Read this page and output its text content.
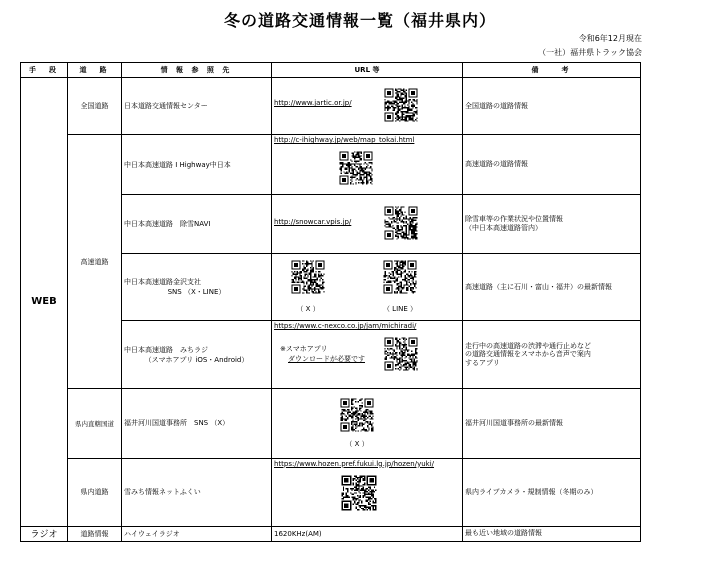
冬の道路交通情報一覧（福井県内）
令和6年12月現在
（一社）福井県トラック協会
手　段	道　路	情 報 参 照 先	URL 等	備　　考
WEB	全国道路	日本道路交通情報センター	http://www.jartic.or.jp/	全国道路の道路情報
	高速道路	中日本高速道路 I Highway中日本	http://c-ihighway.jp/web/map_tokai.html	高速道路の道路情報
		中日本高速道路　除雪NAVI	http://snowcar.vpis.jp/	除雪車等の作業状況や位置情報
（中日本高速道路管内）

		中日本高速道路金沢支社
SNS （X・LINE）	（ X ） （ LINE ）	高速道路（主に石川・富山・福井）の最新情報

		中日本高速道路　みちラジ
（スマホアプリ iOS・Android）	https://www.c-nexco.co.jp/jam/michiradi/
※スマホアプリ
ダウンロードが必要です	走行中の高速道路の渋滞や通行止めなど
の道路交通情報をスマホから音声で案内
するアプリ

	県内直轄国道	福井河川国道事務所　SNS （X）	（ X ）	福井河川国道事務所の最新情報
	県内道路	雪みち情報ネットふくい	https://www.hozen.pref.fukui.lg.jp/hozen/yuki/	県内ライブカメラ・規制情報（冬期のみ）
ラジオ	道路情報	ハイウェイラジオ	1620KHz(AM)	最も近い地域の道路情報
